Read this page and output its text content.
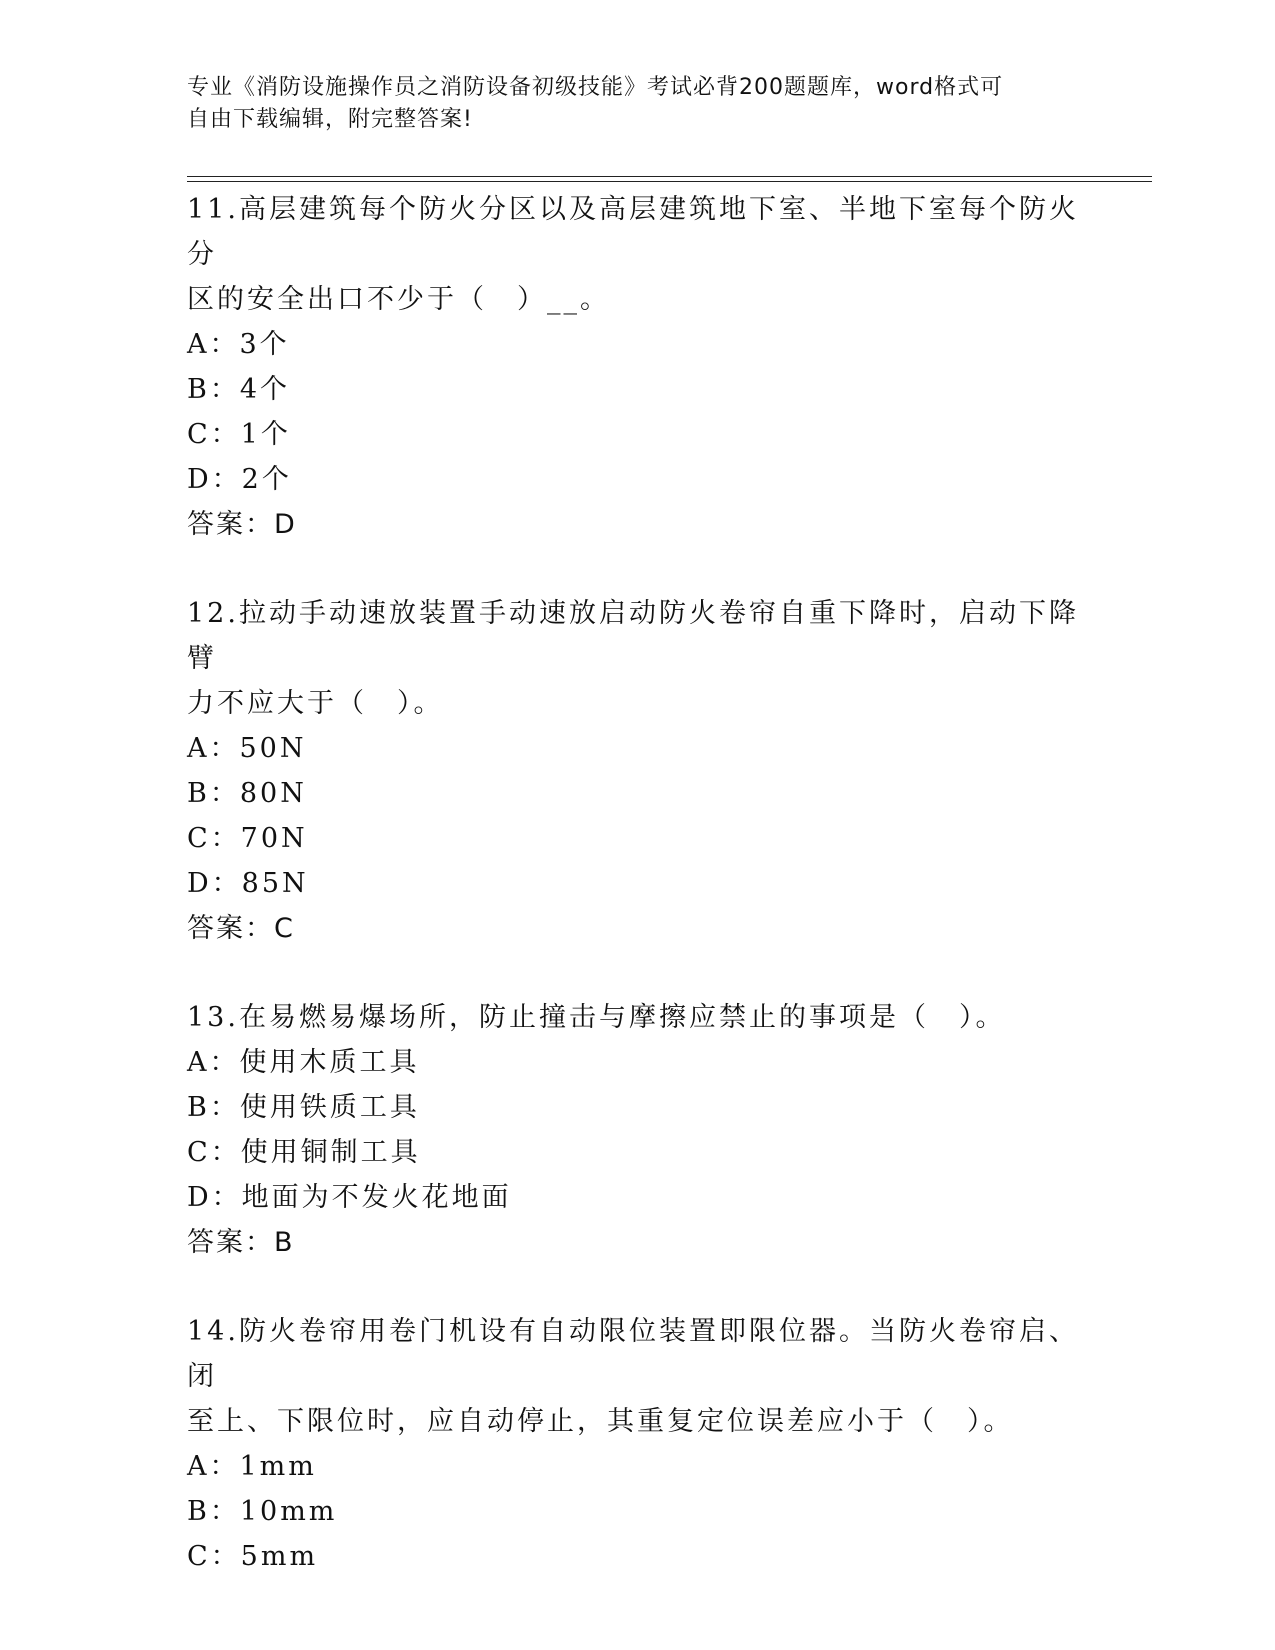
专业《消防设施操作员之消防设备初级技能》考试必背200题题库，word格式可
自由下载编辑，附完整答案!
11.高层建筑每个防火分区以及高层建筑地下室、半地下室每个防火分
区的安全出口不少于（　）__。
A：3个
B：4个
C：1个
D：2个
答案：D
12.拉动手动速放装置手动速放启动防火卷帘自重下降时，启动下降臂
力不应大于（　）。
A：50N
B：80N
C：70N
D：85N
答案：C
13.在易燃易爆场所，防止撞击与摩擦应禁止的事项是（　）。
A：使用木质工具
B：使用铁质工具
C：使用铜制工具
D：地面为不发火花地面
答案：B
14.防火卷帘用卷门机设有自动限位装置即限位器。当防火卷帘启、闭
至上、下限位时，应自动停止，其重复定位误差应小于（　）。
A：1mm
B：10mm
C：5mm
